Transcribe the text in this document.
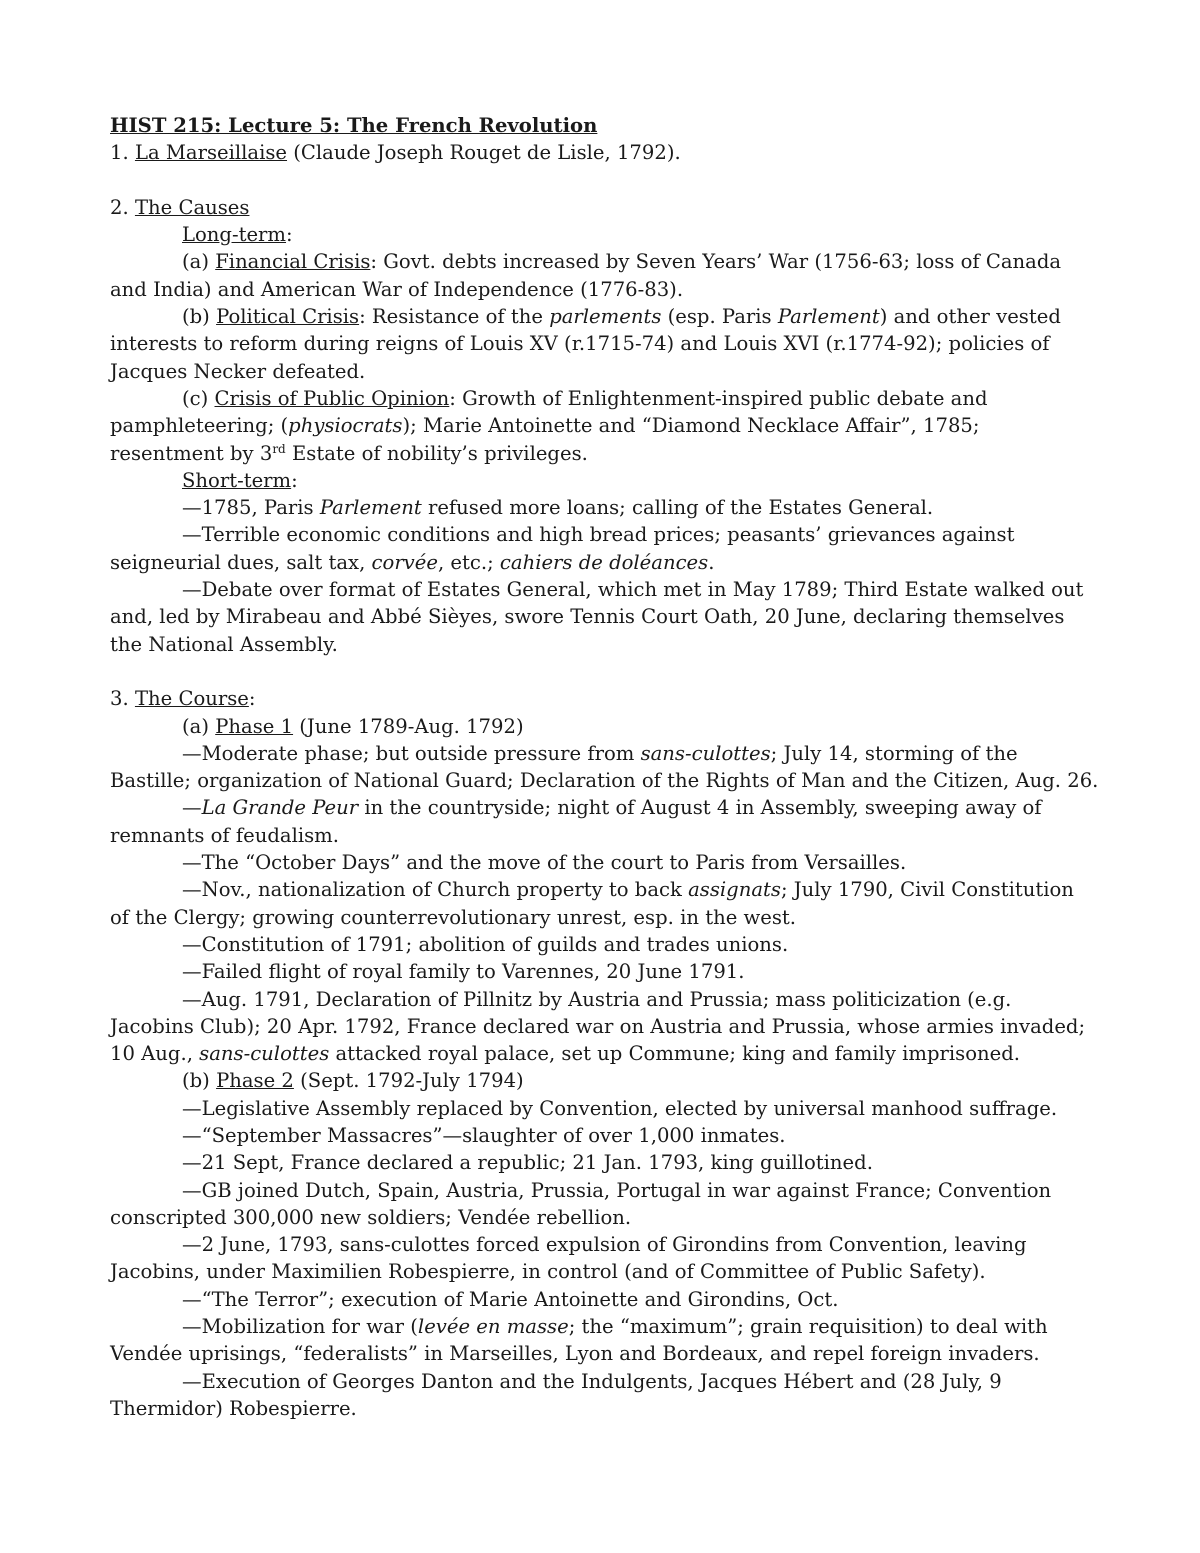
HIST 215: Lecture 5: The French Revolution
1. La Marseillaise (Claude Joseph Rouget de Lisle, 1792).
2. The Causes
Long-term:
(a) Financial Crisis: Govt. debts increased by Seven Years’ War (1756-63; loss of Canada
and India) and American War of Independence (1776-83).
(b) Political Crisis: Resistance of the parlements (esp. Paris Parlement) and other vested
interests to reform during reigns of Louis XV (r.1715-74) and Louis XVI (r.1774-92); policies of
Jacques Necker defeated.
(c) Crisis of Public Opinion: Growth of Enlightenment-inspired public debate and
pamphleteering; (physiocrats); Marie Antoinette and “Diamond Necklace Affair”, 1785;
resentment by 3rd Estate of nobility’s privileges.
Short-term:
—1785, Paris Parlement refused more loans; calling of the Estates General.
—Terrible economic conditions and high bread prices; peasants’ grievances against
seigneurial dues, salt tax, corvée, etc.; cahiers de doléances.
—Debate over format of Estates General, which met in May 1789; Third Estate walked out
and, led by Mirabeau and Abbé Sièyes, swore Tennis Court Oath, 20 June, declaring themselves
the National Assembly.
3. The Course:
(a) Phase 1 (June 1789-Aug. 1792)
—Moderate phase; but outside pressure from sans-culottes; July 14, storming of the
Bastille; organization of National Guard; Declaration of the Rights of Man and the Citizen, Aug. 26.
—La Grande Peur in the countryside; night of August 4 in Assembly, sweeping away of
remnants of feudalism.
—The “October Days” and the move of the court to Paris from Versailles.
—Nov., nationalization of Church property to back assignats; July 1790, Civil Constitution
of the Clergy; growing counterrevolutionary unrest, esp. in the west.
—Constitution of 1791; abolition of guilds and trades unions.
—Failed flight of royal family to Varennes, 20 June 1791.
—Aug. 1791, Declaration of Pillnitz by Austria and Prussia; mass politicization (e.g.
Jacobins Club); 20 Apr. 1792, France declared war on Austria and Prussia, whose armies invaded;
10 Aug., sans-culottes attacked royal palace, set up Commune; king and family imprisoned.
(b) Phase 2 (Sept. 1792-July 1794)
—Legislative Assembly replaced by Convention, elected by universal manhood suffrage.
—“September Massacres”—slaughter of over 1,000 inmates.
—21 Sept, France declared a republic; 21 Jan. 1793, king guillotined.
—GB joined Dutch, Spain, Austria, Prussia, Portugal in war against France; Convention
conscripted 300,000 new soldiers; Vendée rebellion.
—2 June, 1793, sans-culottes forced expulsion of Girondins from Convention, leaving
Jacobins, under Maximilien Robespierre, in control (and of Committee of Public Safety).
—“The Terror”; execution of Marie Antoinette and Girondins, Oct.
—Mobilization for war (levée en masse; the “maximum”; grain requisition) to deal with
Vendée uprisings, “federalists” in Marseilles, Lyon and Bordeaux, and repel foreign invaders.
—Execution of Georges Danton and the Indulgents, Jacques Hébert and (28 July, 9
Thermidor) Robespierre.
